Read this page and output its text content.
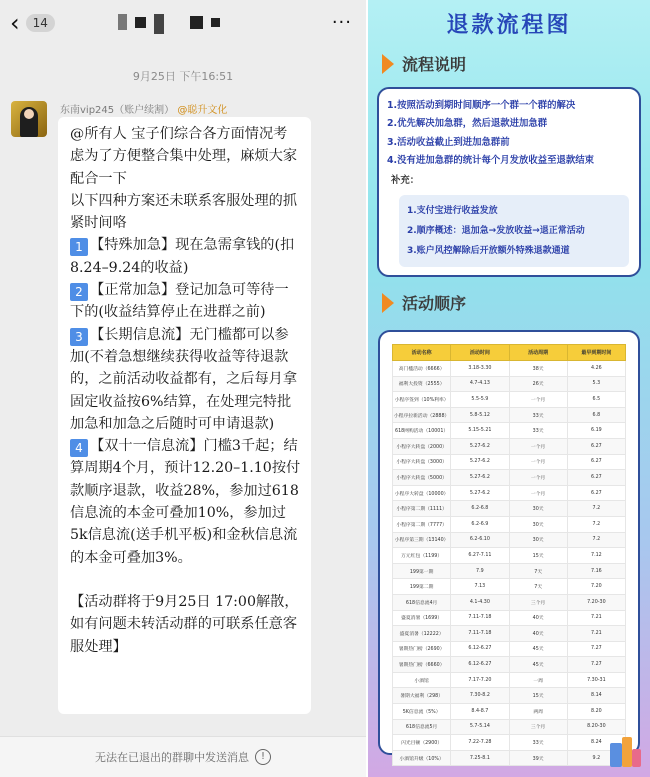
‹	14	···
9月25日 下午16:51
东南vip245（账户续割） @聪升文化

@所有人 宝子们综合各方面情况考虑为了方便整合集中处理，麻烦大家配合一下

以下四种方案还未联系客服处理的抓紧时间咯

1 【特殊加急】现在急需拿钱的(扣8.24–9.24的收益)

2 【正常加急】登记加急可等待一下的(收益结算停止在进群之前)

3 【长期信息流】无门槛都可以参加(不着急想继续获得收益等待退款的，之前活动收益都有，之后每月拿固定收益按6%结算，在处理完特批加急和加急之后随时可申请退款)

4 【双十一信息流】门槛3千起；结算周期4个月，预计12.20–1.10按付款顺序退款，收益28%，参加过618信息流的本金可叠加10%，参加过5k信息流(送手机平板)和金秋信息流的本金可叠加3%。

【活动群将于9月25日 17:00解散，如有问题未转活动群的可联系任意客服处理】

无法在已退出的群聊中发送消息	!
退款流程图
流程说明
1.按照活动到期时间顺序一个群一个群的解决
2.优先解决加急群，然后退款进加急群
3.活动收益截止到进加急群前
4.没有进加急群的统计每个月发放收益至退款结束
补充：
1.支付宝进行收益发放
2.顺序概述：退加急→发放收益→退正常活动
3.账户风控解除后开放额外特殊退款通道
活动顺序
活动名称	活动时间	活动周期	最早到期时间
高门槛活动（6666）	3.18-3.30	38天	4.26
福利大投资（2555）	4.7-4.13	26天	5.3
小程序签到（10%利率）	5.5-5.9	一个月	6.5
小程序拉新活动（2888）	5.8-5.12	33天	6.8
618网购活动（10001）	5.15-5.21	33天	6.19
小程序大转盘（2000）	5.27-6.2	一个月	6.27
小程序大转盘（3000）	5.27-6.2	一个月	6.27
小程序大转盘（5000）	5.27-6.2	一个月	6.27
小程序大转盘（10000）	5.27-6.2	一个月	6.27
小程序第二期（1111）	6.2-6.8	30天	7.2
小程序第二期（7777）	6.2-6.9	30天	7.2
小程序第三期（13140）	6.2-6.10	30天	7.2
万元红包（1199）	6.27-7.11	15天	7.12
199第一期	7.9	7天	7.16
199第二期	7.13	7天	7.20
618信息流4月	4.1-4.30	三个月	7.20-30
盛夏消暑（1699）	7.11-7.18	40天	7.21
盛夏消暑（12222）	7.11-7.18	40天	7.21
暑期热门榜（2690）	6.12-6.27	45天	7.27
暑期热门榜（6660）	6.12-6.27	45天	7.27
小酒馆	7.17-7.20	一周	7.30-31
暑期大福利（298）	7.30-8.2	15天	8.14
5K信息流（5%）	8.4-8.7	两周	8.20
618信息流5月	5.7-5.14	三个月	8.20-30
闪光目额（2900）	7.22-7.28	33天	8.24
小酒馆升级（10%）	7.25-8.1	39天	9.2
